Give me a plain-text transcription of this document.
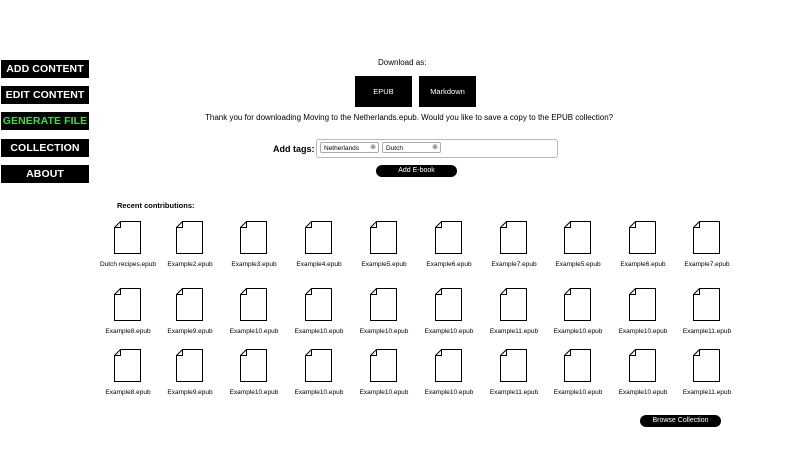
ADD CONTENT
EDIT CONTENT
GENERATE FILE
COLLECTION
ABOUT
Download as:
EPUB	Markdown
Thank you for downloading Moving to the Netherlands.epub. Would you like to save a copy to the EPUB collection?
Add tags:	Netherlands ⊗	Dutch	⊗
Add E-book
Recent contributions:
Dutch recipes.epub	Example2.epub	Example3.epub	Example4.epub	Example5.epub	Example6.epub	Example7.epub	Example5.epub	Example6.epub	Example7.epub
Example8.epub	Example9.epub	Example10.epub	Example10.epub	Example10.epub	Example10.epub	Example11.epub	Example10.epub	Example10.epub	Example11.epub
Example8.epub	Example9.epub	Example10.epub	Example10.epub	Example10.epub	Example10.epub	Example11.epub	Example10.epub	Example10.epub	Example11.epub
Browse Collection
